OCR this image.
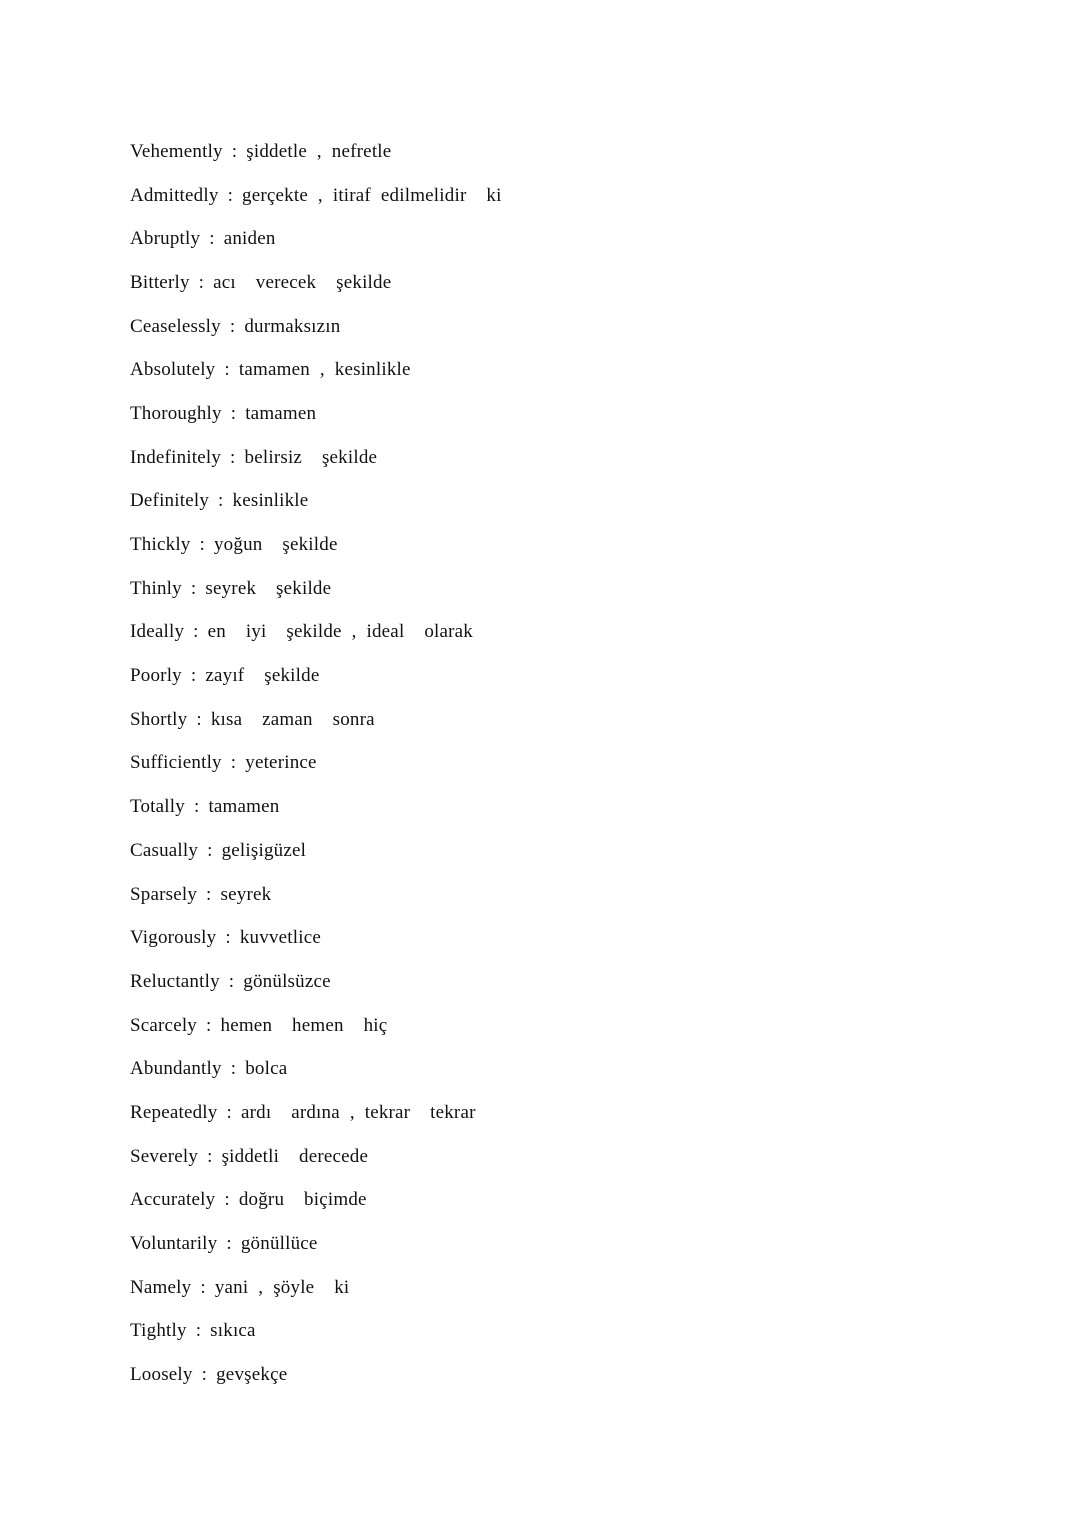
Vehemently : şiddetle , nefretle
Admittedly : gerçekte , itiraf edilmelidir  ki
Abruptly : aniden
Bitterly : acı  verecek  şekilde
Ceaselessly : durmaksızın
Absolutely : tamamen , kesinlikle
Thoroughly : tamamen
Indefinitely : belirsiz  şekilde
Definitely : kesinlikle
Thickly : yoğun  şekilde
Thinly : seyrek  şekilde
Ideally : en  iyi  şekilde , ideal  olarak
Poorly : zayıf  şekilde
Shortly : kısa  zaman  sonra
Sufficiently : yeterince
Totally : tamamen
Casually : gelişigüzel
Sparsely : seyrek
Vigorously : kuvvetlice
Reluctantly : gönülsüzce
Scarcely : hemen  hemen  hiç
Abundantly : bolca
Repeatedly : ardı  ardına , tekrar  tekrar
Severely : şiddetli  derecede
Accurately : doğru  biçimde
Voluntarily : gönüllüce
Namely : yani , şöyle  ki
Tightly : sıkıca
Loosely : gevşekçe
